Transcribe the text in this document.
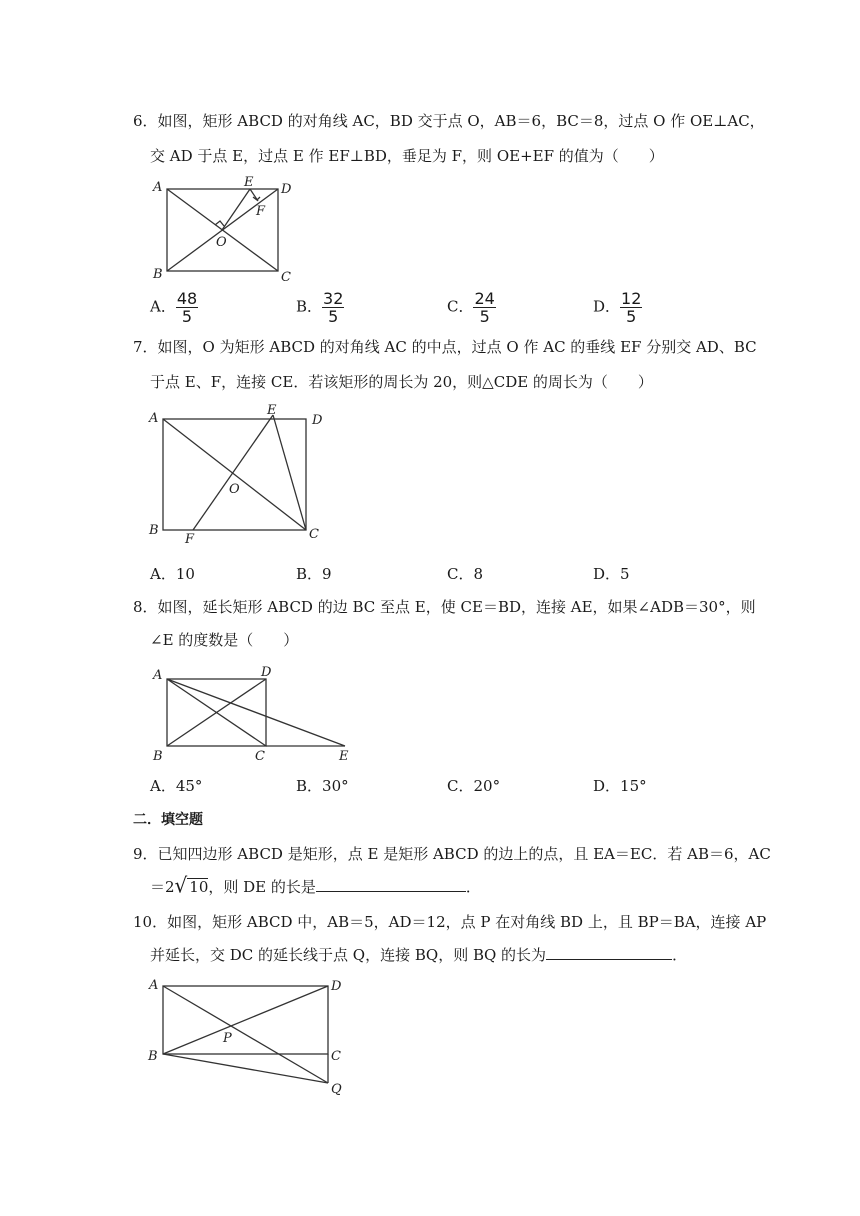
6．如图，矩形 ABCD 的对角线 AC，BD 交于点 O，AB＝6，BC＝8，过点 O 作 OE⊥AC，
交 AD 于点 E，过点 E 作 EF⊥BD，垂足为 F，则 OE+EF 的值为（　　）
A	E D
F
O
B	C
A． $\frac{48}{5}$	B． $\frac{32}{5}$	C． $\frac{24}{5}$	D． $\frac{12}{5}$
7．如图，O 为矩形 ABCD 的对角线 AC 的中点，过点 O 作 AC 的垂线 EF 分别交 AD、BC
于点 E、F，连接 CE．若该矩形的周长为 20，则△CDE 的周长为（　　）
A
E
D
O
B
F	C
A．10	B．9	C．8	D．5
8．如图，延长矩形 ABCD 的边 BC 至点 E，使 CE＝BD，连接 AE，如果∠ADB＝30°，则
∠E 的度数是（　　）
A	D
B	C	E
A．45°	B．30°	C．20°	D．15°
二．填空题
9．已知四边形 ABCD 是矩形，点 E 是矩形 ABCD 的边上的点，且 EA＝EC．若 AB＝6，AC
＝2√ 10，则 DE 的长是	．
10．如图，矩形 ABCD 中，AB＝5，AD＝12，点 P 在对角线 BD 上，且 BP＝BA，连接 AP
并延长，交 DC 的延长线于点 Q，连接 BQ，则 BQ 的长为	．
A	D
P
B	C
Q
